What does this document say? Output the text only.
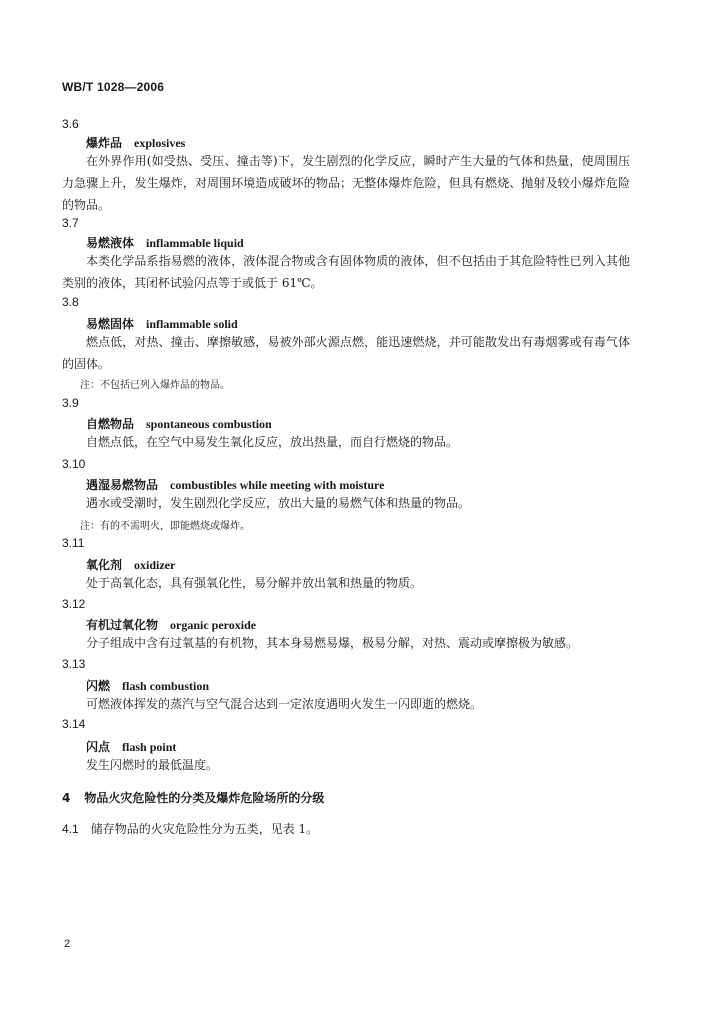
WB/T 1028—2006
3.6
爆炸品 explosives
在外界作用(如受热、受压、撞击等)下，发生剧烈的化学反应，瞬时产生大量的气体和热量，使周围压力急骤上升，发生爆炸，对周围环境造成破坏的物品；无整体爆炸危险，但具有燃烧、抛射及较小爆炸危险的物品。
3.7
易燃液体 inflammable liquid
本类化学品系指易燃的液体，液体混合物或含有固体物质的液体，但不包括由于其危险特性已列入其他类别的液体，其闭杯试验闪点等于或低于 61℃。
3.8
易燃固体 inflammable solid
燃点低，对热、撞击、摩擦敏感，易被外部火源点燃，能迅速燃烧，并可能散发出有毒烟雾或有毒气体的固体。
注：不包括已列入爆炸品的物品。
3.9
自燃物品 spontaneous combustion
自燃点低，在空气中易发生氧化反应，放出热量，而自行燃烧的物品。
3.10
遇湿易燃物品 combustibles while meeting with moisture
遇水或受潮时，发生剧烈化学反应，放出大量的易燃气体和热量的物品。
注：有的不需明火，即能燃烧或爆炸。
3.11
氧化剂 oxidizer
处于高氧化态，具有强氧化性，易分解并放出氧和热量的物质。
3.12
有机过氧化物 organic peroxide
分子组成中含有过氧基的有机物，其本身易燃易爆，极易分解，对热、震动或摩擦极为敏感。
3.13
闪燃 flash combustion
可燃液体挥发的蒸汽与空气混合达到一定浓度遇明火发生一闪即逝的燃烧。
3.14
闪点 flash point
发生闪燃时的最低温度。
4 物品火灾危险性的分类及爆炸危险场所的分级
4.1 储存物品的火灾危险性分为五类，见表 1。
2
